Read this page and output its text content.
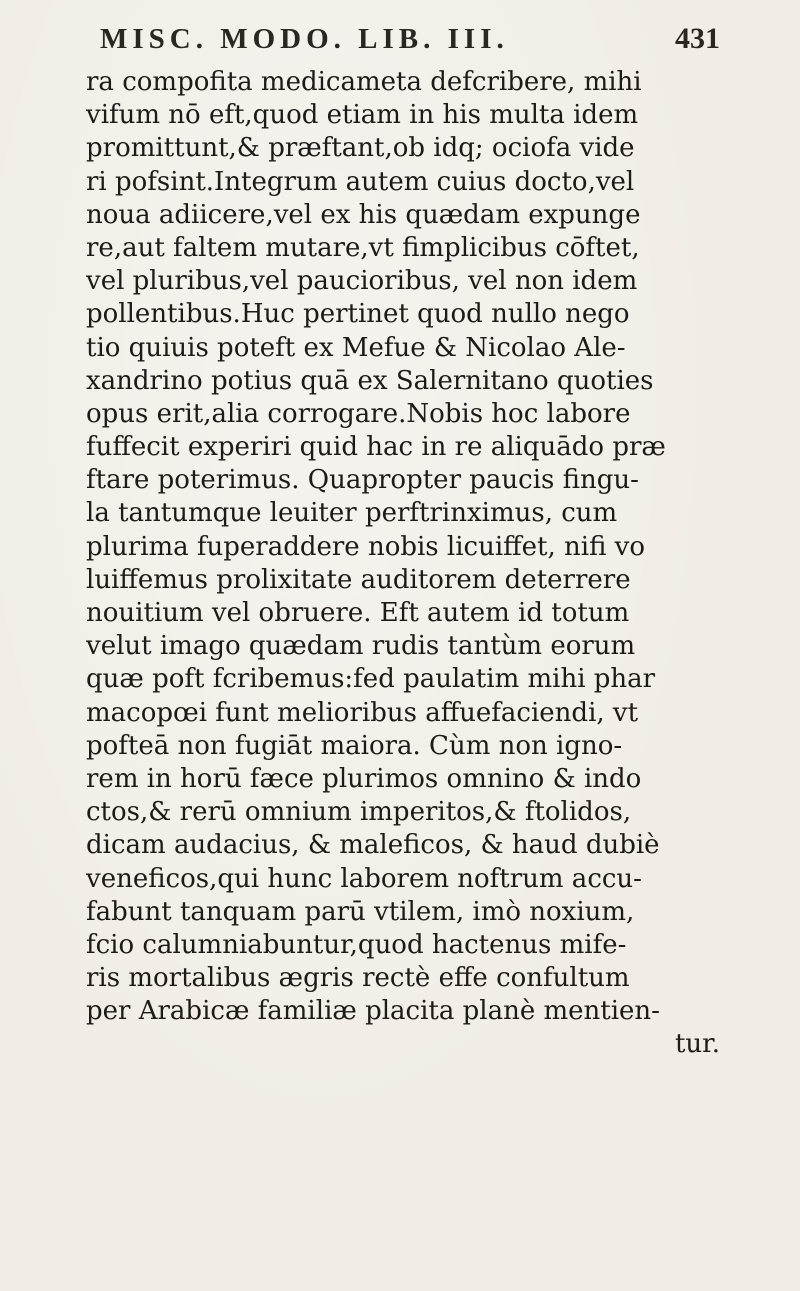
MISC. MODO. LIB. III.	431
ra compofita medicameta defcribere, mihi
vifum nō eft,quod etiam in his multa idem
promittunt,& præftant,ob idq; ociofa vide
ri pofsint.Integrum autem cuius docto,vel
noua adiicere,vel ex his quædam expunge
re,aut faltem mutare,vt fimplicibus cōftet,
vel pluribus,vel paucioribus, vel non idem
pollentibus.Huc pertinet quod nullo nego
tio quiuis poteft ex Mefue & Nicolao Ale-
xandrino potius quā ex Salernitano quoties
opus erit,alia corrogare.Nobis hoc labore
fuffecit experiri quid hac in re aliquādo præ
ftare poterimus. Quapropter paucis fingu-
la tantumque leuiter perftrinximus, cum
plurima fuperaddere nobis licuiffet, nifi vo
luiffemus prolixitate auditorem deterrere
nouitium vel obruere. Eft autem id totum
velut imago quædam rudis tantùm eorum
quæ poft fcribemus:fed paulatim mihi phar
macopœi funt melioribus affuefaciendi, vt
pofteā non fugiāt maiora. Cùm non igno-
rem in horū fæce plurimos omnino & indo
ctos,& rerū omnium imperitos,& ftolidos,
dicam audacius, & maleficos, & haud dubiè
veneficos,qui hunc laborem noftrum accu-
fabunt tanquam parū vtilem, imò noxium,
fcio calumniabuntur,quod hactenus mife-
ris mortalibus ægris rectè effe confultum
per Arabicæ familiæ placita planè mentien-
tur.
